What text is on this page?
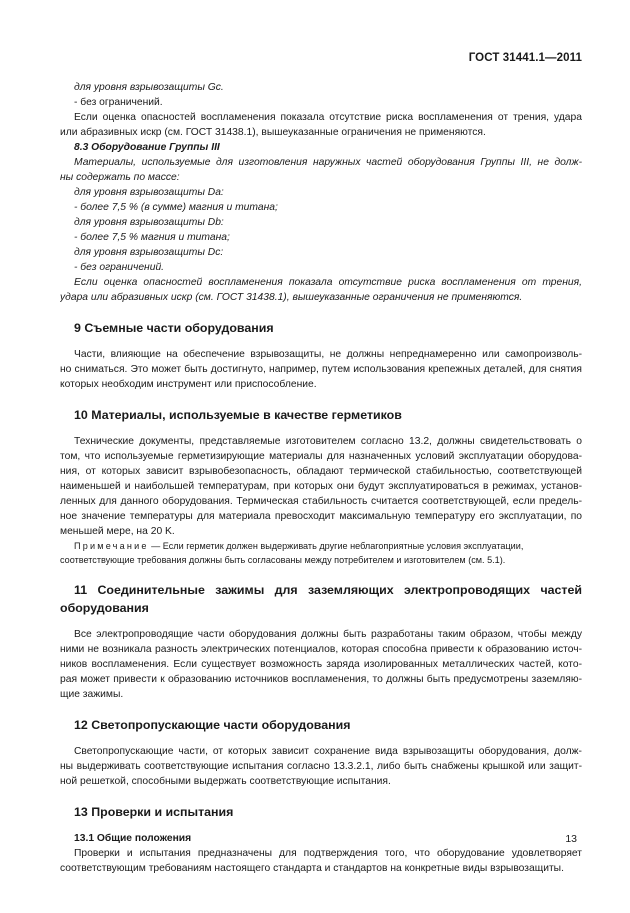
ГОСТ 31441.1—2011
для уровня взрывозащиты Gc.
- без ограничений.
Если оценка опасностей воспламенения показала отсутствие риска воспламенения от трения, удара
или абразивных искр (см. ГОСТ 31438.1), вышеуказанные ограничения не применяются.
8.3 Оборудование Группы III
Материалы, используемые для изготовления наружных частей оборудования Группы III, не долж-
ны содержать по массе:
для уровня взрывозащиты Da:
- более 7,5 % (в сумме) магния и титана;
для уровня взрывозащиты Db:
- более 7,5 % магния и титана;
для уровня взрывозащиты Dc:
- без ограничений.
Если оценка опасностей воспламенения показала отсутствие риска воспламенения от трения,
удара или абразивных искр (см. ГОСТ 31438.1), вышеуказанные ограничения не применяются.
9 Съемные части оборудования
Части, влияющие на обеспечение взрывозащиты, не должны непреднамеренно или самопроизволь-
но сниматься. Это может быть достигнуто, например, путем использования крепежных деталей, для снятия
которых необходим инструмент или приспособление.
10 Материалы, используемые в качестве герметиков
Технические документы, представляемые изготовителем согласно 13.2, должны свидетельствовать о
том, что используемые герметизирующие материалы для назначенных условий эксплуатации оборудова-
ния, от которых зависит взрывобезопасность, обладают термической стабильностью, соответствующей
наименьшей и наибольшей температурам, при которых они будут эксплуатироваться в режимах, установ-
ленных для данного оборудования. Термическая стабильность считается соответствующей, если предель-
ное значение температуры для материала превосходит максимальную температуру его эксплуатации, по
меньшей мере, на 20 K.
Примечание — Если герметик должен выдерживать другие неблагоприятные условия эксплуатации,
соответствующие требования должны быть согласованы между потребителем и изготовителем (см. 5.1).
11 Соединительные зажимы для заземляющих электропроводящих частей
оборудования
Все электропроводящие части оборудования должны быть разработаны таким образом, чтобы между
ними не возникала разность электрических потенциалов, которая способна привести к образованию источ-
ников воспламенения. Если существует возможность заряда изолированных металлических частей, кото-
рая может привести к образованию источников воспламенения, то должны быть предусмотрены заземляю-
щие зажимы.
12 Светопропускающие части оборудования
Светопропускающие части, от которых зависит сохранение вида взрывозащиты оборудования, долж-
ны выдерживать соответствующие испытания согласно 13.3.2.1, либо быть снабжены крышкой или защит-
ной решеткой, способными выдержать соответствующие испытания.
13 Проверки и испытания
13.1 Общие положения
Проверки и испытания предназначены для подтверждения того, что оборудование удовлетворяет
соответствующим требованиям настоящего стандарта и стандартов на конкретные виды взрывозащиты.
13
